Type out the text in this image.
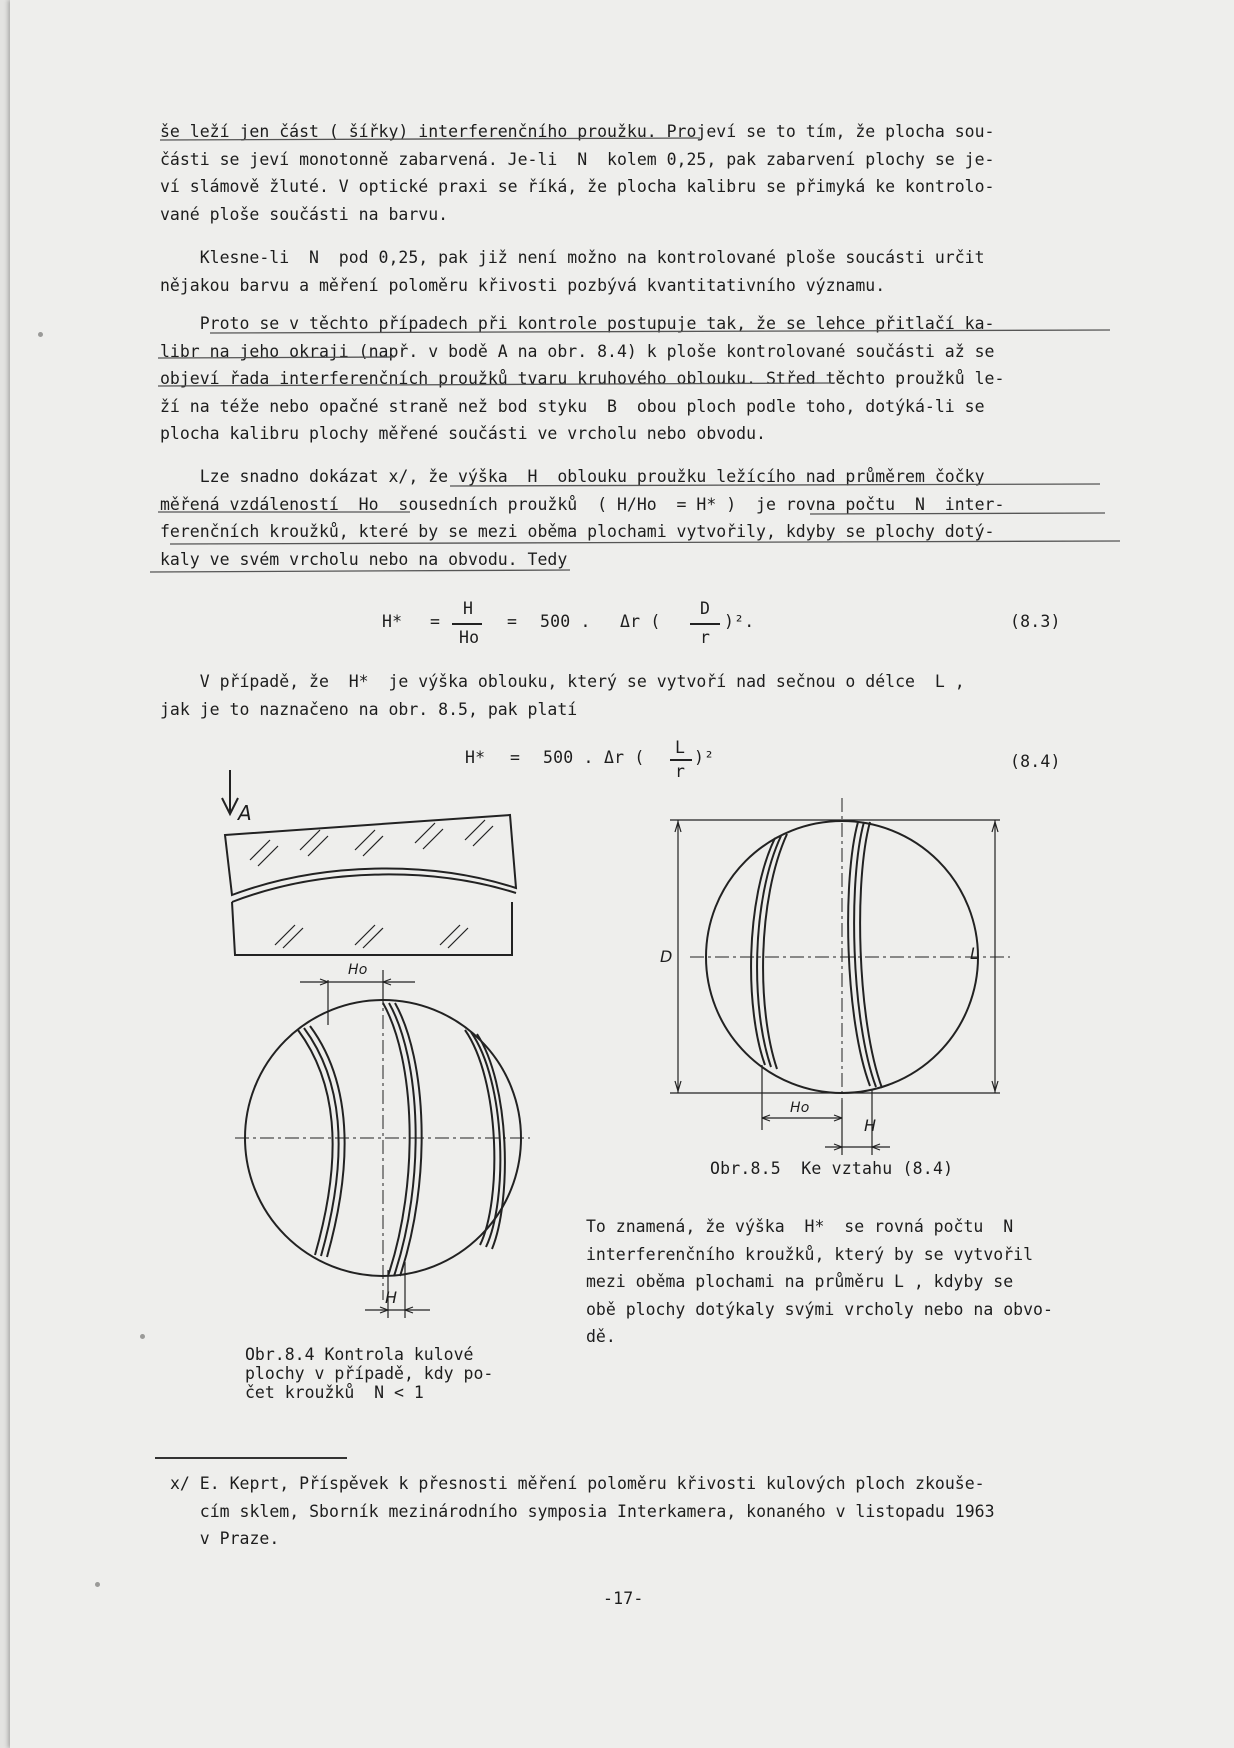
še leží jen část ( šířky) interferenčního proužku. Projeví se to tím, že plocha sou-
části se jeví monotonně zabarvená. Je-li  N  kolem 0,25, pak zabarvení plochy se je-
ví slámově žluté. V optické praxi se říká, že plocha kalibru se přimyká ke kontrolo-
vané ploše součásti na barvu.
Klesne-li  N  pod 0,25, pak již není možno na kontrolované ploše soucásti určit
nějakou barvu a měření poloměru křivosti pozbývá kvantitativního významu.
Proto se v těchto případech při kontrole postupuje tak, že se lehce přitlačí ka-
libr na jeho okraji (např. v bodě A na obr. 8.4) k ploše kontrolované součásti až se
objeví řada interferenčních proužků tvaru kruhového oblouku. Střed těchto proužků le-
ží na téže nebo opačné straně než bod styku  B  obou ploch podle toho, dotýká-li se
plocha kalibru plochy měřené součásti ve vrcholu nebo obvodu.
Lze snadno dokázat x/, že výška  H  oblouku proužku ležícího nad průměrem čočky
měřená vzdáleností  Ho  sousedních proužků  ( H/Ho  = H* )  je rovna počtu  N  inter-
ferenčních kroužků, které by se mezi oběma plochami vytvořily, kdyby se plochy dotý-
kaly ve svém vrcholu nebo na obvodu. Tedy
H* =
H
Ho
= 500 . Δr (
D
r
)².	(8.3)
V případě, že  H*  je výška oblouku, který se vytvoří nad sečnou o délce  L ,
jak je to naznačeno na obr. 8.5, pak platí
H* = 500 . Δr (
L
r
)²	(8.4)
A
Ho
H
Obr.8.4 Kontrola kulové
plochy v případě, kdy po-
čet kroužků  N < 1
D	L
Ho
H
Obr.8.5  Ke vztahu (8.4)
To znamená, že výška  H*  se rovná počtu  N
interferenčního kroužků, který by se vytvořil
mezi oběma plochami na průměru L , kdyby se
obě plochy dotýkaly svými vrcholy nebo na obvo-
dě.
x/ E. Keprt, Příspěvek k přesnosti měření poloměru křivosti kulových ploch zkouše-
cím sklem, Sborník mezinárodního symposia Interkamera, konaného v listopadu 1963
v Praze.
-17-
